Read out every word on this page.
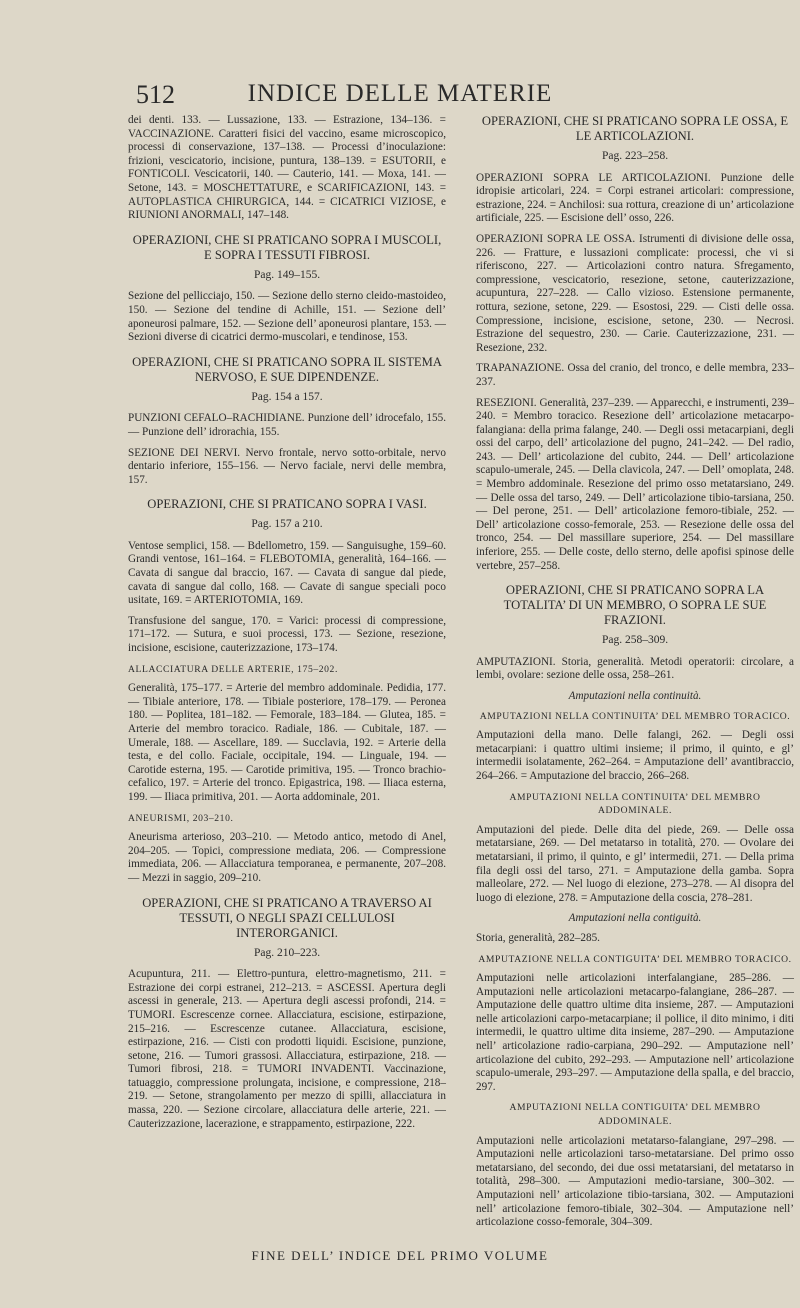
512	INDICE DELLE MATERIE

dei denti. 133. — Lussazione, 133. — Estrazione, 134–136. = VACCINAZIONE. Caratteri fisici del vaccino, esame microscopico, processi di conservazione, 137–138. — Processi d’inoculazione: frizioni, vescicatorio, incisione, puntura, 138–139. = ESUTORII, e FONTICOLI. Vescicatorii, 140. — Cauterio, 141. — Moxa, 141. — Setone, 143. = MOSCHETTATURE, e SCARIFICAZIONI, 143. = AUTOPLASTICA CHIRURGICA, 144. = CICATRICI VIZIOSE, e RIUNIONI ANORMALI, 147–148.

OPERAZIONI, CHE SI PRATICANO SOPRA I MUSCOLI, E SOPRA I TESSUTI FIBROSI.
Pag. 149–155.

Sezione del pellicciajo, 150. — Sezione dello sterno cleido-mastoideo, 150. — Sezione del tendine di Achille, 151. — Sezione dell’ aponeurosi palmare, 152. — Sezione dell’ aponeurosi plantare, 153. — Sezioni diverse di cicatrici dermo-muscolari, e tendinose, 153.

OPERAZIONI, CHE SI PRATICANO SOPRA IL SISTEMA NERVOSO, E SUE DIPENDENZE.
Pag. 154 a 157.

PUNZIONI CEFALO–RACHIDIANE. Punzione dell’ idrocefalo, 155. — Punzione dell’ idrorachia, 155.

SEZIONE DEI NERVI. Nervo frontale, nervo sotto-orbitale, nervo dentario inferiore, 155–156. — Nervo faciale, nervi delle membra, 157.

OPERAZIONI, CHE SI PRATICANO SOPRA I VASI.
Pag. 157 a 210.

Ventose semplici, 158. — Bdellometro, 159. — Sanguisughe, 159–60. Grandi ventose, 161–164. = FLEBOTOMIA, generalità, 164–166. — Cavata di sangue dal braccio, 167. — Cavata di sangue dal piede, cavata di sangue dal collo, 168. — Cavate di sangue speciali poco usitate, 169. = ARTERIOTOMIA, 169.

Transfusione del sangue, 170. = Varici: processi di compressione, 171–172. — Sutura, e suoi processi, 173. — Sezione, resezione, incisione, escisione, cauterizzazione, 173–174.

ALLACCIATURA DELLE ARTERIE, 175–202.

Generalità, 175–177. = Arterie del membro addominale. Pedidia, 177. — Tibiale anteriore, 178. — Tibiale posteriore, 178–179. — Peronea 180. — Poplitea, 181–182. — Femorale, 183–184. — Glutea, 185. = Arterie del membro toracico. Radiale, 186. — Cubitale, 187. — Umerale, 188. — Ascellare, 189. — Succlavia, 192. = Arterie della testa, e del collo. Faciale, occipitale, 194. — Linguale, 194. — Carotide esterna, 195. — Carotide primitiva, 195. — Tronco brachio-cefalico, 197. = Arterie del tronco. Epigastrica, 198. — Iliaca esterna, 199. — Iliaca primitiva, 201. — Aorta addominale, 201.

ANEURISMI, 203–210.

Aneurisma arterioso, 203–210. — Metodo antico, metodo di Anel, 204–205. — Topici, compressione mediata, 206. — Compressione immediata, 206. — Allacciatura temporanea, e permanente, 207–208. — Mezzi in saggio, 209–210.

OPERAZIONI, CHE SI PRATICANO A TRAVERSO AI TESSUTI, O NEGLI SPAZI CELLULOSI INTERORGANICI.
Pag. 210–223.

Acupuntura, 211. — Elettro-puntura, elettro-magnetismo, 211. = Estrazione dei corpi estranei, 212–213. = ASCESSI. Apertura degli ascessi in generale, 213. — Apertura degli ascessi profondi, 214. = TUMORI. Escrescenze cornee. Allacciatura, escisione, estirpazione, 215–216. — Escrescenze cutanee. Allacciatura, escisione, estirpazione, 216. — Cisti con prodotti liquidi. Escisione, punzione, setone, 216. — Tumori grassosi. Allacciatura, estirpazione, 218. — Tumori fibrosi, 218. = TUMORI INVADENTI. Vaccinazione, tatuaggio, compressione prolungata, incisione, e compressione, 218–219. — Setone, strangolamento per mezzo di spilli, allacciatura in massa, 220. — Sezione circolare, allacciatura delle arterie, 221. — Cauterizzazione, lacerazione, e strappamento, estirpazione, 222.

OPERAZIONI, CHE SI PRATICANO SOPRA LE OSSA, E LE ARTICOLAZIONI.
Pag. 223–258.

OPERAZIONI SOPRA LE ARTICOLAZIONI. Punzione delle idropisie articolari, 224. = Corpi estranei articolari: compressione, estrazione, 224. = Anchilosi: sua rottura, creazione di un’ articolazione artificiale, 225. — Escisione dell’ osso, 226.

OPERAZIONI SOPRA LE OSSA. Istrumenti di divisione delle ossa, 226. — Fratture, e lussazioni complicate: processi, che vi si riferiscono, 227. — Articolazioni contro natura. Sfregamento, compressione, vescicatorio, resezione, setone, cauterizzazione, acupuntura, 227–228. — Callo vizioso. Estensione permanente, rottura, sezione, setone, 229. — Esostosi, 229. — Cisti delle ossa. Compressione, incisione, escisione, setone, 230. — Necrosi. Estrazione del sequestro, 230. — Carie. Cauterizzazione, 231. — Resezione, 232.

TRAPANAZIONE. Ossa del cranio, del tronco, e delle membra, 233–237.

RESEZIONI. Generalità, 237–239. — Apparecchi, e instrumenti, 239–240. = Membro toracico. Resezione dell’ articolazione metacarpo-falangiana: della prima falange, 240. — Degli ossi metacarpiani, degli ossi del carpo, dell’ articolazione del pugno, 241–242. — Del radio, 243. — Dell’ articolazione del cubito, 244. — Dell’ articolazione scapulo-umerale, 245. — Della clavicola, 247. — Dell’ omoplata, 248. = Membro addominale. Resezione del primo osso metatarsiano, 249. — Delle ossa del tarso, 249. — Dell’ articolazione tibio-tarsiana, 250. — Del perone, 251. — Dell’ articolazione femoro-tibiale, 252. — Dell’ articolazione cosso-femorale, 253. — Resezione delle ossa del tronco, 254. — Del massillare superiore, 254. — Del massillare inferiore, 255. — Delle coste, dello sterno, delle apofisi spinose delle vertebre, 257–258.

OPERAZIONI, CHE SI PRATICANO SOPRA LA TOTALITA’ DI UN MEMBRO, O SOPRA LE SUE FRAZIONI.
Pag. 258–309.

AMPUTAZIONI. Storia, generalità. Metodi operatorii: circolare, a lembi, ovolare: sezione delle ossa, 258–261.

Amputazioni nella continuità.
AMPUTAZIONI NELLA CONTINUITA’ DEL MEMBRO TORACICO.

Amputazioni della mano. Delle falangi, 262. — Degli ossi metacarpiani: i quattro ultimi insieme; il primo, il quinto, e gl’ intermedii isolatamente, 262–264. = Amputazione dell’ avantibraccio, 264–266. = Amputazione del braccio, 266–268.

AMPUTAZIONI NELLA CONTINUITA’ DEL MEMBRO ADDOMINALE.

Amputazioni del piede. Delle dita del piede, 269. — Delle ossa metatarsiane, 269. — Del metatarso in totalità, 270. — Ovolare dei metatarsiani, il primo, il quinto, e gl’ intermedii, 271. — Della prima fila degli ossi del tarso, 271. = Amputazione della gamba. Sopra malleolare, 272. — Nel luogo di elezione, 273–278. — Al disopra del luogo di elezione, 278. = Amputazione della coscia, 278–281.

Amputazioni nella contiguità.

Storia, generalità, 282–285.

AMPUTAZIONE NELLA CONTIGUITA’ DEL MEMBRO TORACICO.

Amputazioni nelle articolazioni interfalangiane, 285–286. — Amputazioni nelle articolazioni metacarpo-falangiane, 286–287. — Amputazione delle quattro ultime dita insieme, 287. — Amputazioni nelle articolazioni carpo-metacarpiane; il pollice, il dito minimo, i diti intermedii, le quattro ultime dita insieme, 287–290. — Amputazione nell’ articolazione radio-carpiana, 290–292. — Amputazione nell’ articolazione del cubito, 292–293. — Amputazione nell’ articolazione scapulo-umerale, 293–297. — Amputazione della spalla, e del braccio, 297.

AMPUTAZIONI NELLA CONTIGUITA’ DEL MEMBRO ADDOMINALE.

Amputazioni nelle articolazioni metatarso-falangiane, 297–298. — Amputazioni nelle articolazioni tarso-metatarsiane. Del primo osso metatarsiano, del secondo, dei due ossi metatarsiani, del metatarso in totalità, 298–300. — Amputazioni medio-tarsiane, 300–302. — Amputazioni nell’ articolazione tibio-tarsiana, 302. — Amputazioni nell’ articolazione femoro-tibiale, 302–304. — Amputazione nell’ articolazione cosso-femorale, 304–309.

FINE DELL’ INDICE DEL PRIMO VOLUME
